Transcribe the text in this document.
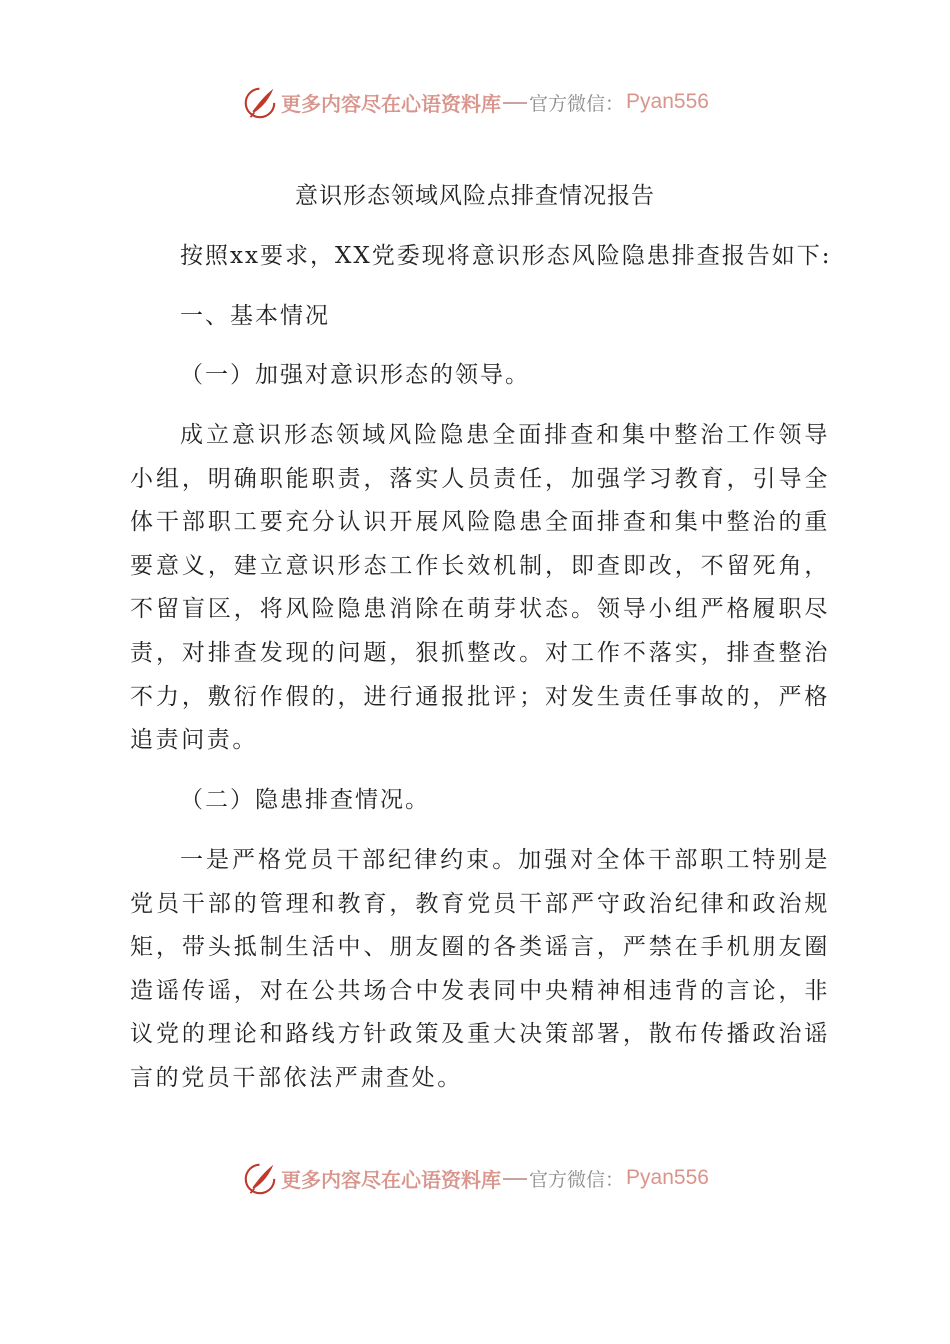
更多内容尽在心语资料库 官方微信： Pyan556
意识形态领域风险点排查情况报告
按照xx要求，XX党委现将意识形态风险隐患排查报告如下:
一、基本情况
（一）加强对意识形态的领导。

成立意识形态领域风险隐患全面排查和集中整治工作领导小组，明确职能职责，落实人员责任，加强学习教育，引导全体干部职工要充分认识开展风险隐患全面排查和集中整治的重要意义，建立意识形态工作长效机制，即查即改，不留死角，不留盲区，将风险隐患消除在萌芽状态。领导小组严格履职尽责，对排查发现的问题，狠抓整改。对工作不落实，排查整治不力，敷衍作假的，进行通报批评；对发生责任事故的，严格追责问责。

（二）隐患排查情况。

一是严格党员干部纪律约束。加强对全体干部职工特别是党员干部的管理和教育，教育党员干部严守政治纪律和政治规矩，带头抵制生活中、朋友圈的各类谣言，严禁在手机朋友圈造谣传谣，对在公共场合中发表同中央精神相违背的言论，非议党的理论和路线方针政策及重大决策部署，散布传播政治谣言的党员干部依法严肃查处。

更多内容尽在心语资料库 官方微信： Pyan556
